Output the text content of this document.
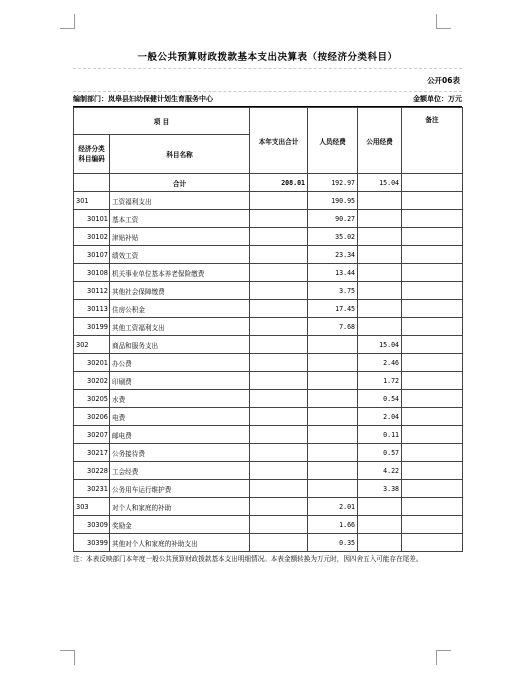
一般公共预算财政拨款基本支出决算表（按经济分类科目）
公开06表
编制部门：岚皋县妇幼保健计划生育服务中心	金额单位：万元
项 目		本年支出合计	人员经费	公用经费	备注
经济分类科目编码	科目名称				
	合计	208.01	192.97	15.04	
301	工资福利支出		190.95		
30101	基本工资		90.27		
30102	津贴补贴		35.02		
30107	绩效工资		23.34		
30108	机关事业单位基本养老保险缴费		13.44		
30112	其他社会保障缴费		3.75		
30113	住房公积金		17.45		
30199	其他工资福利支出		7.68		
302	商品和服务支出			15.04	
30201	办公费			2.46	
30202	印刷费			1.72	
30205	水费			0.54	
30206	电费			2.04	
30207	邮电费			0.11	
30217	公务接待费			0.57	
30228	工会经费			4.22	
30231	公务用车运行维护费			3.38	
303	对个人和家庭的补助		2.01		
30309	奖励金		1.66		
30399	其他对个人和家庭的补助支出		0.35		
注：本表反映部门本年度一般公共预算财政拨款基本支出明细情况。本表金额转换为万元时，因四舍五入可能存在尾差。
